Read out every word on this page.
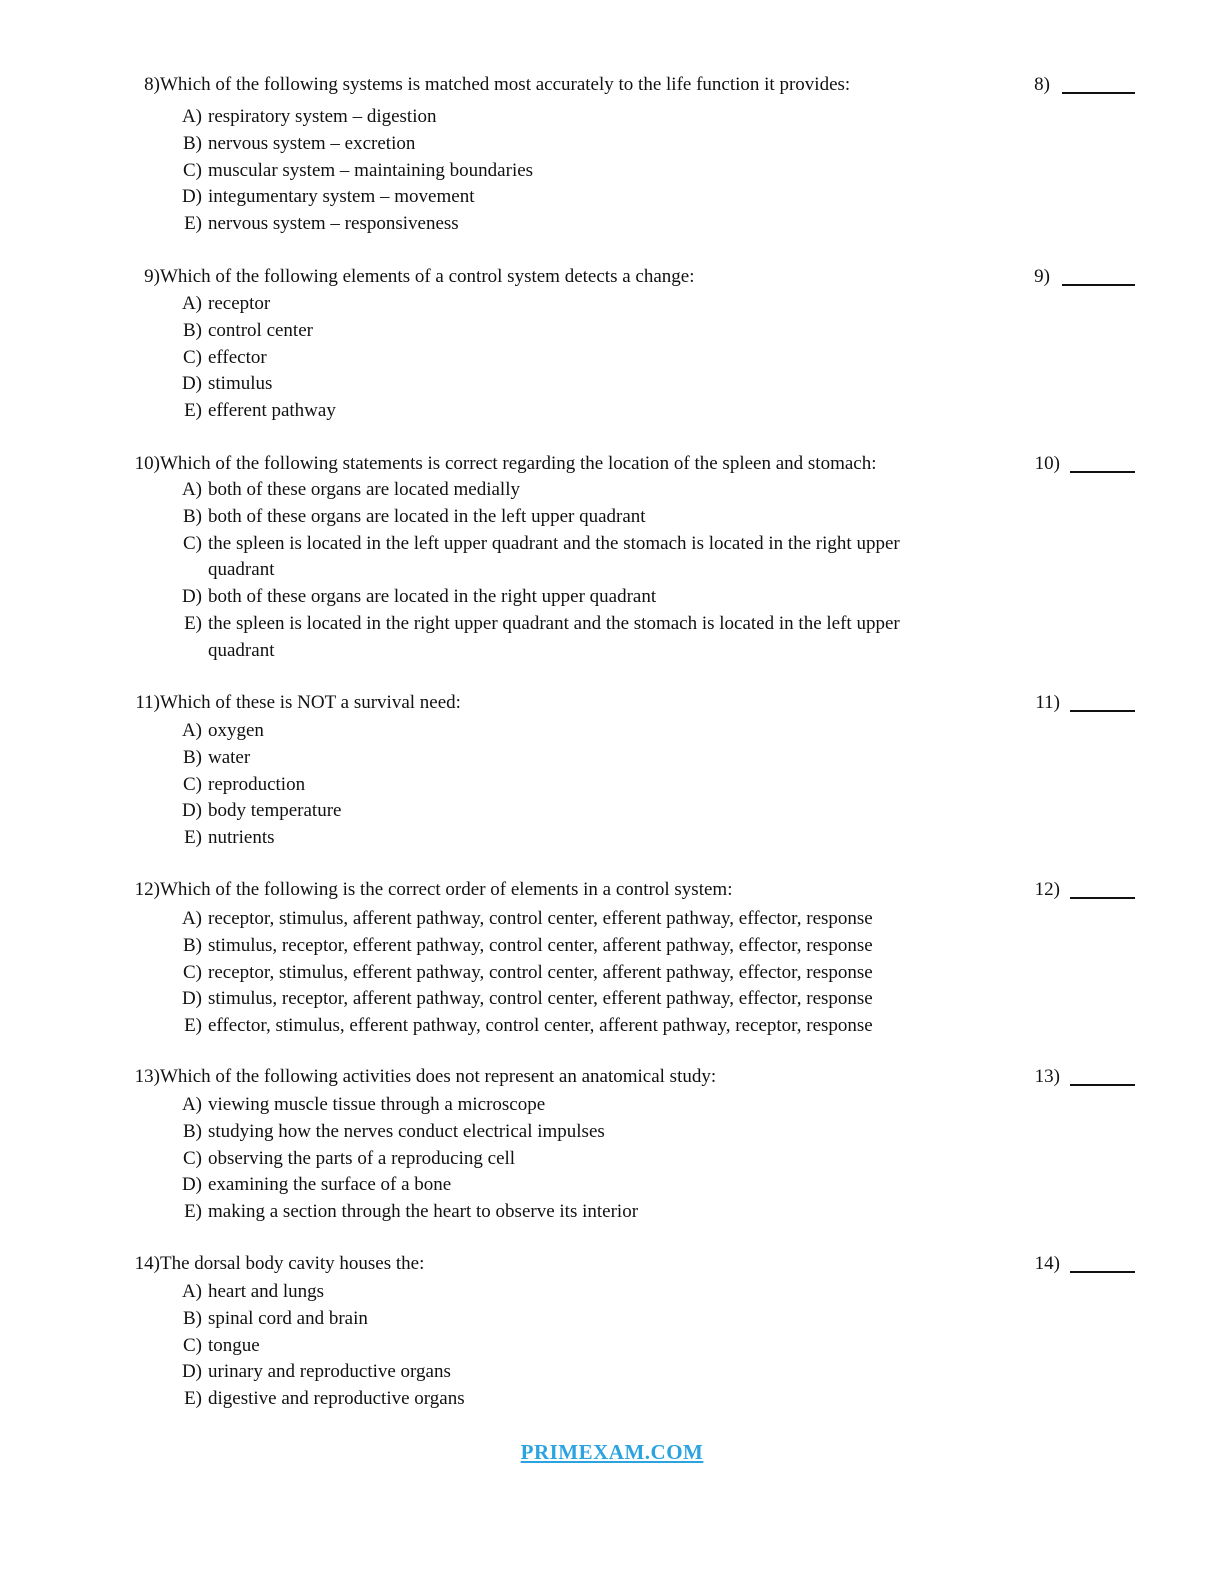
8) Which of the following systems is matched most accurately to the life function it provides:	8)
A) respiratory system – digestion
B) nervous system – excretion
C) muscular system – maintaining boundaries
D) integumentary system – movement
E) nervous system – responsiveness
9) Which of the following elements of a control system detects a change:	9)
A) receptor
B) control center
C) effector
D) stimulus
E) efferent pathway
10) Which of the following statements is correct regarding the location of the spleen and stomach:	10)
A) both of these organs are located medially
B) both of these organs are located in the left upper quadrant
C) the spleen is located in the left upper quadrant and the stomach is located in the right upper quadrant
D) both of these organs are located in the right upper quadrant
E) the spleen is located in the right upper quadrant and the stomach is located in the left upper quadrant
11) Which of these is NOT a survival need:	11)
A) oxygen
B) water
C) reproduction
D) body temperature
E) nutrients
12) Which of the following is the correct order of elements in a control system:	12)
A) receptor, stimulus, afferent pathway, control center, efferent pathway, effector, response
B) stimulus, receptor, efferent pathway, control center, afferent pathway, effector, response
C) receptor, stimulus, efferent pathway, control center, afferent pathway, effector, response
D) stimulus, receptor, afferent pathway, control center, efferent pathway, effector, response
E) effector, stimulus, efferent pathway, control center, afferent pathway, receptor, response
13) Which of the following activities does not represent an anatomical study:	13)
A) viewing muscle tissue through a microscope
B) studying how the nerves conduct electrical impulses
C) observing the parts of a reproducing cell
D) examining the surface of a bone
E) making a section through the heart to observe its interior
14) The dorsal body cavity houses the:	14)
A) heart and lungs
B) spinal cord and brain
C) tongue
D) urinary and reproductive organs
E) digestive and reproductive organs
PRIMEXAM.COM
